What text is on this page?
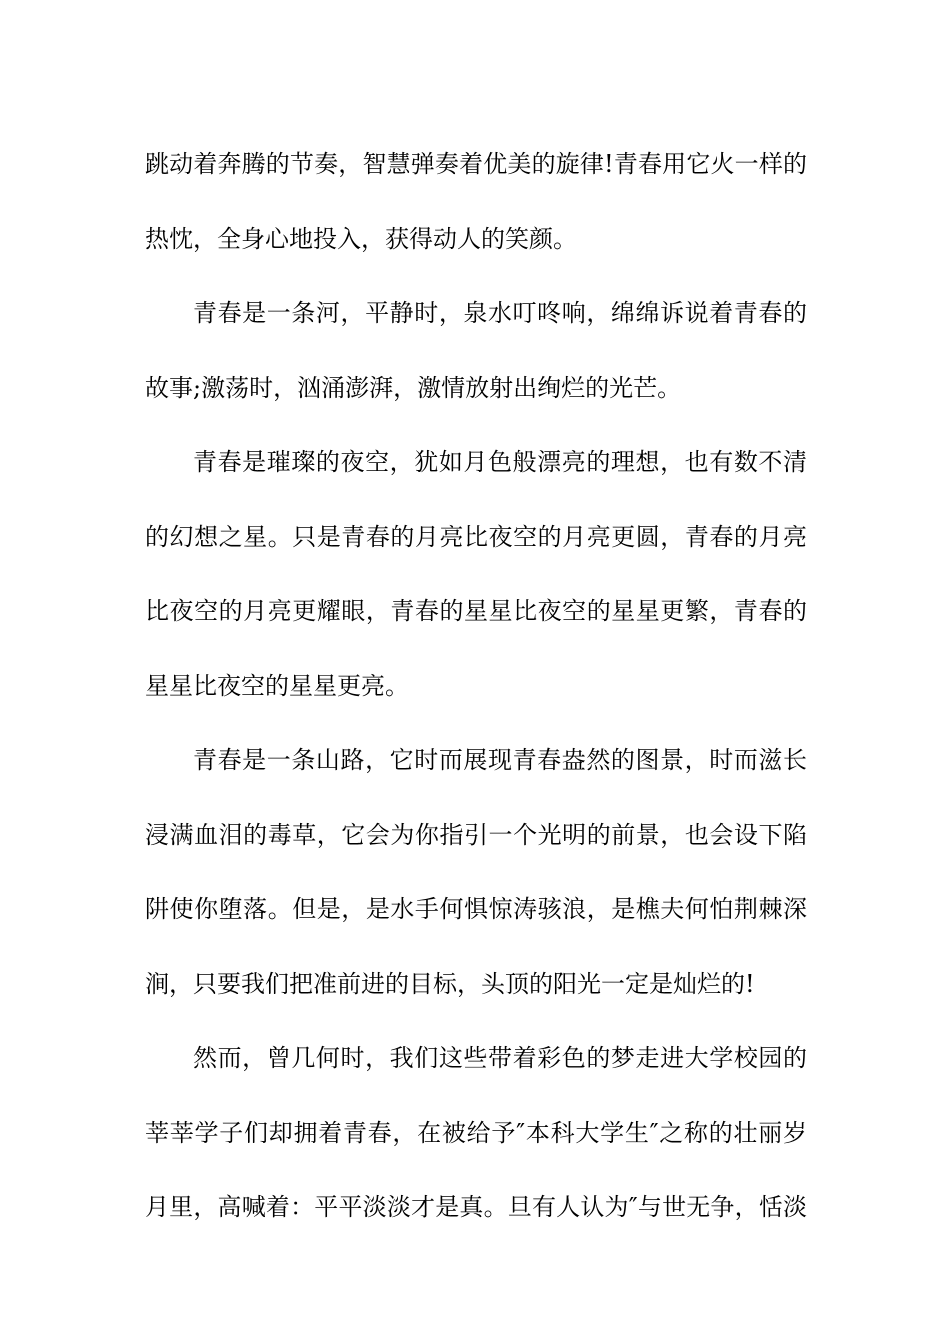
跳动着奔腾的节奏，智慧弹奏着优美的旋律!青春用它火一样的
热忱，全身心地投入，获得动人的笑颜。
青春是一条河，平静时，泉水叮咚响，绵绵诉说着青春的
故事;激荡时，汹涌澎湃，激情放射出绚烂的光芒。
青春是璀璨的夜空，犹如月色般漂亮的理想，也有数不清
的幻想之星。只是青春的月亮比夜空的月亮更圆，青春的月亮
比夜空的月亮更耀眼，青春的星星比夜空的星星更繁，青春的
星星比夜空的星星更亮。
青春是一条山路，它时而展现青春盎然的图景，时而滋长
浸满血泪的毒草，它会为你指引一个光明的前景，也会设下陷
阱使你堕落。但是，是水手何惧惊涛骇浪，是樵夫何怕荆棘深
涧，只要我们把准前进的目标，头顶的阳光一定是灿烂的!
然而，曾几何时，我们这些带着彩色的梦走进大学校园的
莘莘学子们却拥着青春，在被给予″本科大学生″之称的壮丽岁
月里，高喊着：平平淡淡才是真。旦有人认为″与世无争，恬淡
